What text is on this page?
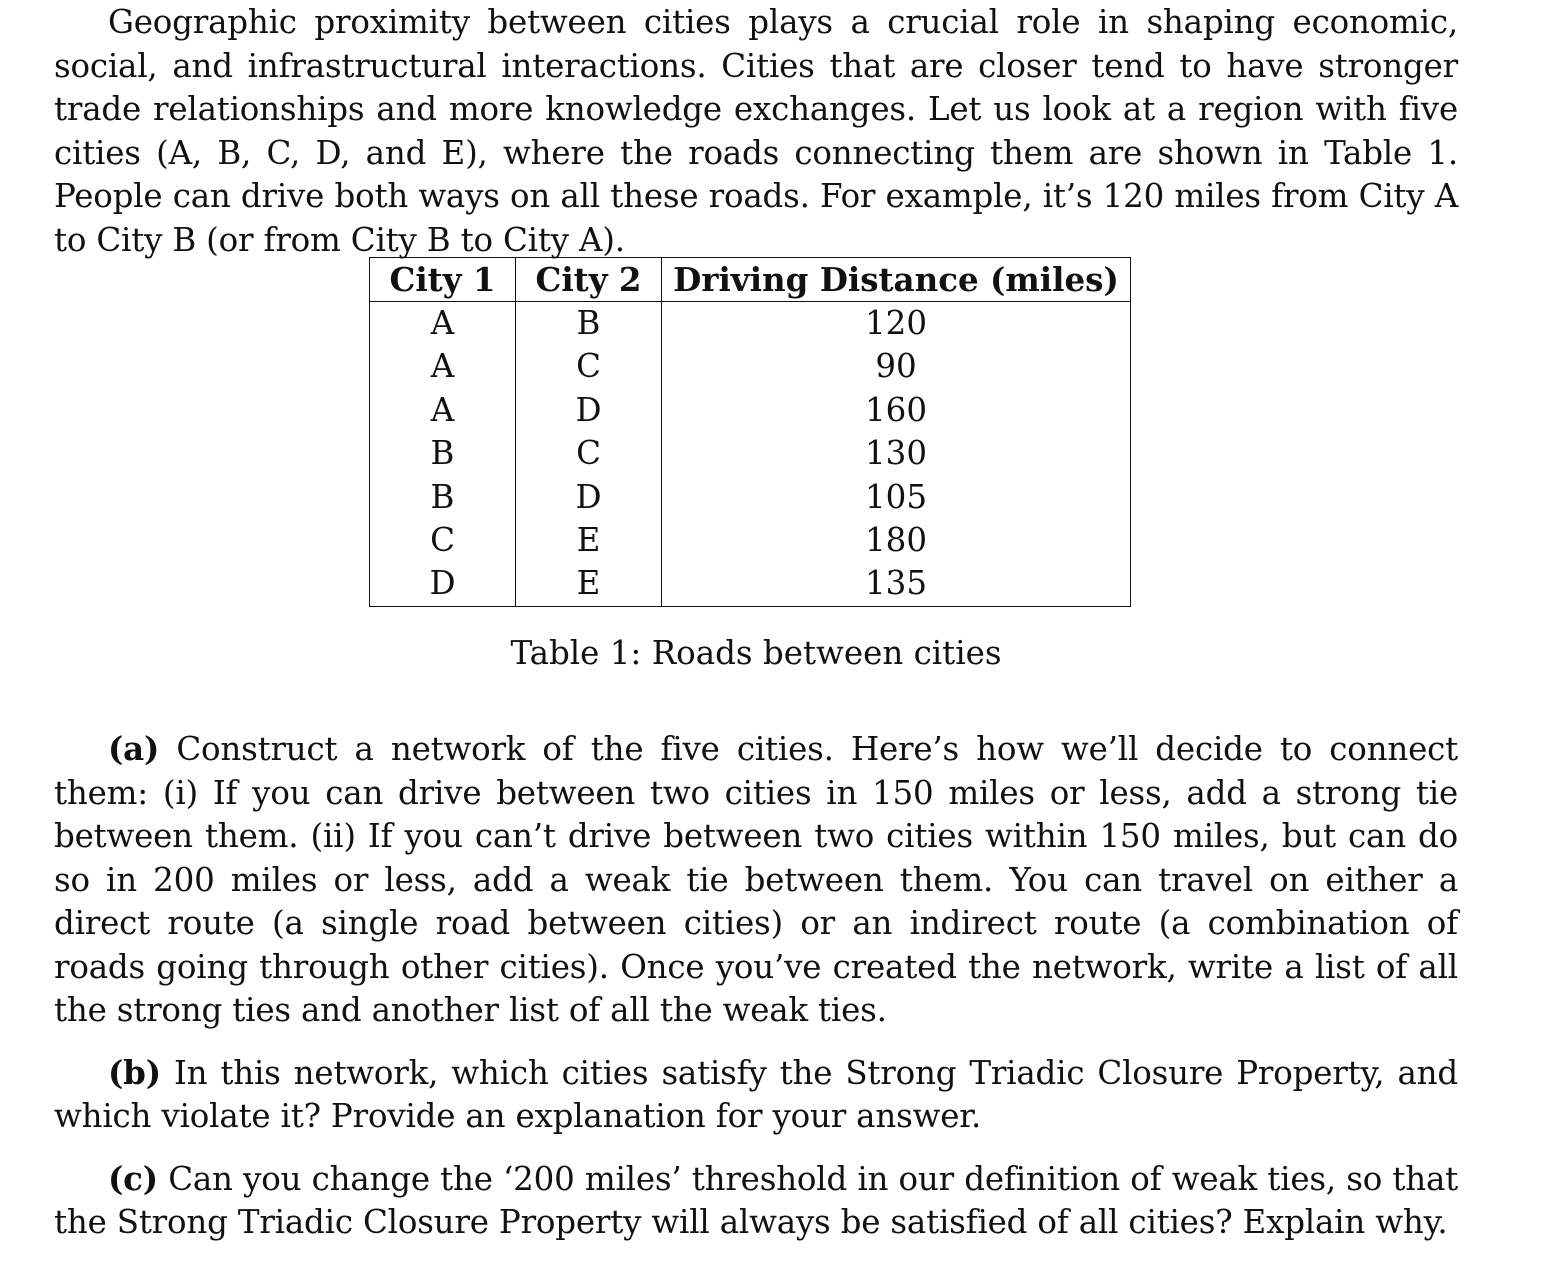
Geographic proximity between cities plays a crucial role in shaping economic, social, and infrastructural interactions. Cities that are closer tend to have stronger trade relationships and more knowledge exchanges. Let us look at a region with five cities (A, B, C, D, and E), where the roads connecting them are shown in Table 1. People can drive both ways on all these roads. For example, it’s 120 miles from City A to City B (or from City B to City A).

City 1	City 2	Driving Distance (miles)
A	B	120
A	C	90
A	D	160
B	C	130
B	D	105
C	E	180
D	E	135
Table 1: Roads between cities

(a) Construct a network of the five cities. Here’s how we’ll decide to connect them: (i) If you can drive between two cities in 150 miles or less, add a strong tie between them. (ii) If you can’t drive between two cities within 150 miles, but can do so in 200 miles or less, add a weak tie between them. You can travel on either a direct route (a single road between cities) or an indirect route (a combination of roads going through other cities). Once you’ve created the network, write a list of all the strong ties and another list of all the weak ties.

(b) In this network, which cities satisfy the Strong Triadic Closure Property, and which violate it? Provide an explanation for your answer.

(c) Can you change the ‘200 miles’ threshold in our definition of weak ties, so that the Strong Triadic Closure Property will always be satisfied of all cities? Explain why.
